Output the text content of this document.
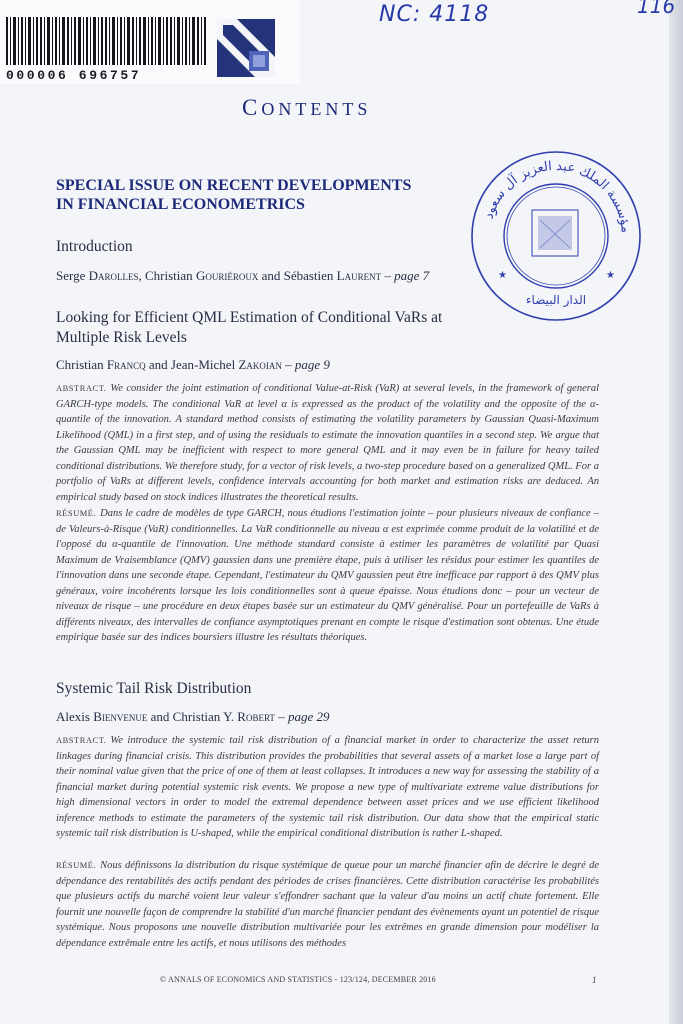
000006 696757
NC: 4118	116
CONTENTS
SPECIAL ISSUE ON RECENT DEVELOPMENTS
IN FINANCIAL ECONOMETRICS
مؤسسة الملك عبد العزيز آل سعود
الدار البيضاء
★	★
Introduction
Serge Darolles, Christian Gouriéroux and Sébastien Laurent – page 7
Looking for Efficient QML Estimation of Conditional VaRs at Multiple Risk Levels
Christian Francq and Jean-Michel Zakoian – page 9
ABSTRACT. We consider the joint estimation of conditional Value-at-Risk (VaR) at several levels, in the framework of general GARCH-type models. The conditional VaR at level α is expressed as the product of the volatility and the opposite of the α-quantile of the innovation. A standard method consists of estimating the volatility parameters by Gaussian Quasi-Maximum Likelihood (QML) in a first step, and of using the residuals to estimate the innovation quantiles in a second step. We argue that the Gaussian QML may be inefficient with respect to more general QML and it may even be in failure for heavy tailed conditional distributions. We therefore study, for a vector of risk levels, a two-step procedure based on a generalized QML. For a portfolio of VaRs at different levels, confidence intervals accounting for both market and estimation risks are deduced. An empirical study based on stock indices illustrates the theoretical results.
RÉSUMÉ. Dans le cadre de modèles de type GARCH, nous étudions l'estimation jointe – pour plusieurs niveaux de confiance – de Valeurs-à-Risque (VaR) conditionnelles. La VaR conditionnelle au niveau α est exprimée comme produit de la volatilité et de l'opposé du α-quantile de l'innovation. Une méthode standard consiste à estimer les paramètres de volatilité par Quasi Maximum de Vraisemblance (QMV) gaussien dans une première étape, puis à utiliser les résidus pour estimer les quantiles de l'innovation dans une seconde étape. Cependant, l'estimateur du QMV gaussien peut être inefficace par rapport à des QMV plus généraux, voire incohérents lorsque les lois conditionnelles sont à queue épaisse. Nous étudions donc – pour un vecteur de niveaux de risque – une procédure en deux étapes basée sur un estimateur du QMV généralisé. Pour un portefeuille de VaRs à différents niveaux, des intervalles de confiance asymptotiques prenant en compte le risque d'estimation sont obtenus. Une étude empirique basée sur des indices boursiers illustre les résultats théoriques.
Systemic Tail Risk Distribution
Alexis Bienvenue and Christian Y. Robert – page 29
ABSTRACT. We introduce the systemic tail risk distribution of a financial market in order to characterize the asset return linkages during financial crisis. This distribution provides the probabilities that several assets of a market lose a large part of their nominal value given that the price of one of them at least collapses. It introduces a new way for assessing the stability of a financial market during potential systemic risk events. We propose a new type of multivariate extreme value distributions for high dimensional vectors in order to model the extremal dependence between asset prices and we use efficient likelihood inference methods to estimate the parameters of the systemic tail risk distribution. Our data show that the empirical static systemic tail risk distribution is U-shaped, while the empirical conditional distribution is rather L-shaped.
RÉSUMÉ. Nous définissons la distribution du risque systémique de queue pour un marché financier afin de décrire le degré de dépendance des rentabilités des actifs pendant des périodes de crises financières. Cette distribution caractérise les probabilités que plusieurs actifs du marché voient leur valeur s'effondrer sachant que la valeur d'au moins un actif chute fortement. Elle fournit une nouvelle façon de comprendre la stabilité d'un marché financier pendant des évènements ayant un potentiel de risque systémique. Nous proposons une nouvelle distribution multivariée pour les extrêmes en grande dimension pour modéliser la dépendance extrêmale entre les actifs, et nous utilisons des méthodes
© ANNALS OF ECONOMICS AND STATISTICS - 123/124, DECEMBER 2016	1
